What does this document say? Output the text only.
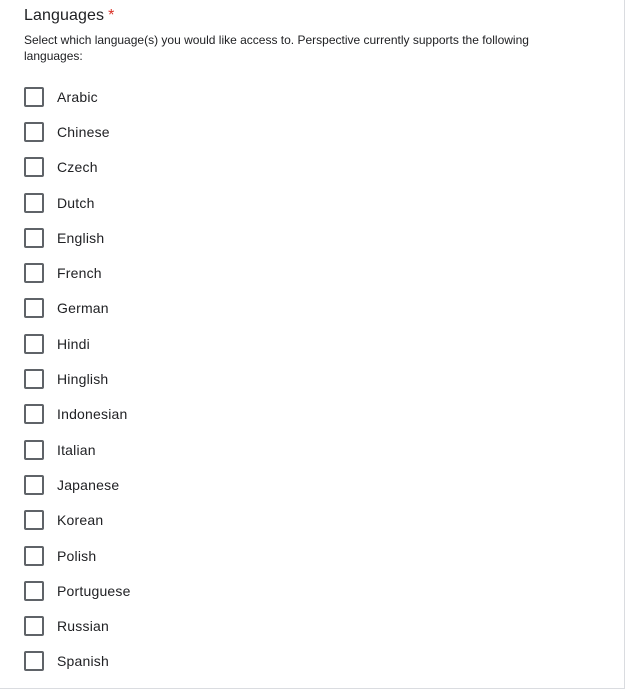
Languages *
Select which language(s) you would like access to. Perspective currently supports the following languages:
Arabic
Chinese
Czech
Dutch
English
French
German
Hindi
Hinglish
Indonesian
Italian
Japanese
Korean
Polish
Portuguese
Russian
Spanish
